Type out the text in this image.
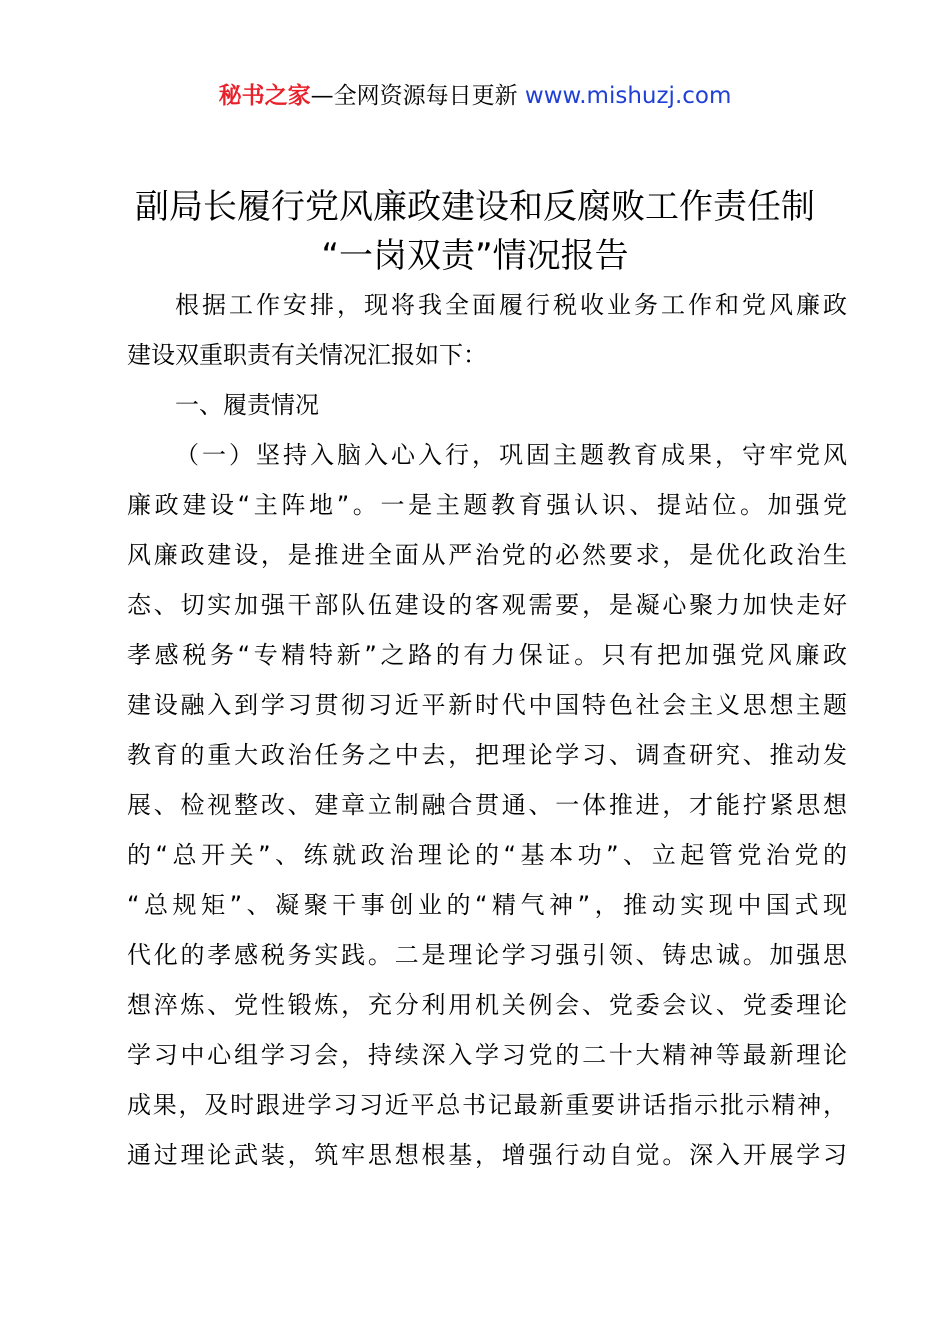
秘书之家—全网资源每日更新 www.mishuzj.com
副局长履行党风廉政建设和反腐败工作责任制
“一岗双责”情况报告
根据工作安排，现将我全面履行税收业务工作和党风廉政
建设双重职责有关情况汇报如下：
一、履责情况
（一）坚持入脑入心入行，巩固主题教育成果，守牢党风
廉政建设“主阵地”。一是主题教育强认识、提站位。加强党
风廉政建设，是推进全面从严治党的必然要求，是优化政治生
态、切实加强干部队伍建设的客观需要，是凝心聚力加快走好
孝感税务“专精特新”之路的有力保证。只有把加强党风廉政
建设融入到学习贯彻习近平新时代中国特色社会主义思想主题
教育的重大政治任务之中去，把理论学习、调查研究、推动发
展、检视整改、建章立制融合贯通、一体推进，才能拧紧思想
的“总开关”、练就政治理论的“基本功”、立起管党治党的
“总规矩”、凝聚干事创业的“精气神”，推动实现中国式现
代化的孝感税务实践。二是理论学习强引领、铸忠诚。加强思
想淬炼、党性锻炼，充分利用机关例会、党委会议、党委理论
学习中心组学习会，持续深入学习党的二十大精神等最新理论
成果，及时跟进学习习近平总书记最新重要讲话指示批示精神，
通过理论武装，筑牢思想根基，增强行动自觉。深入开展学习
